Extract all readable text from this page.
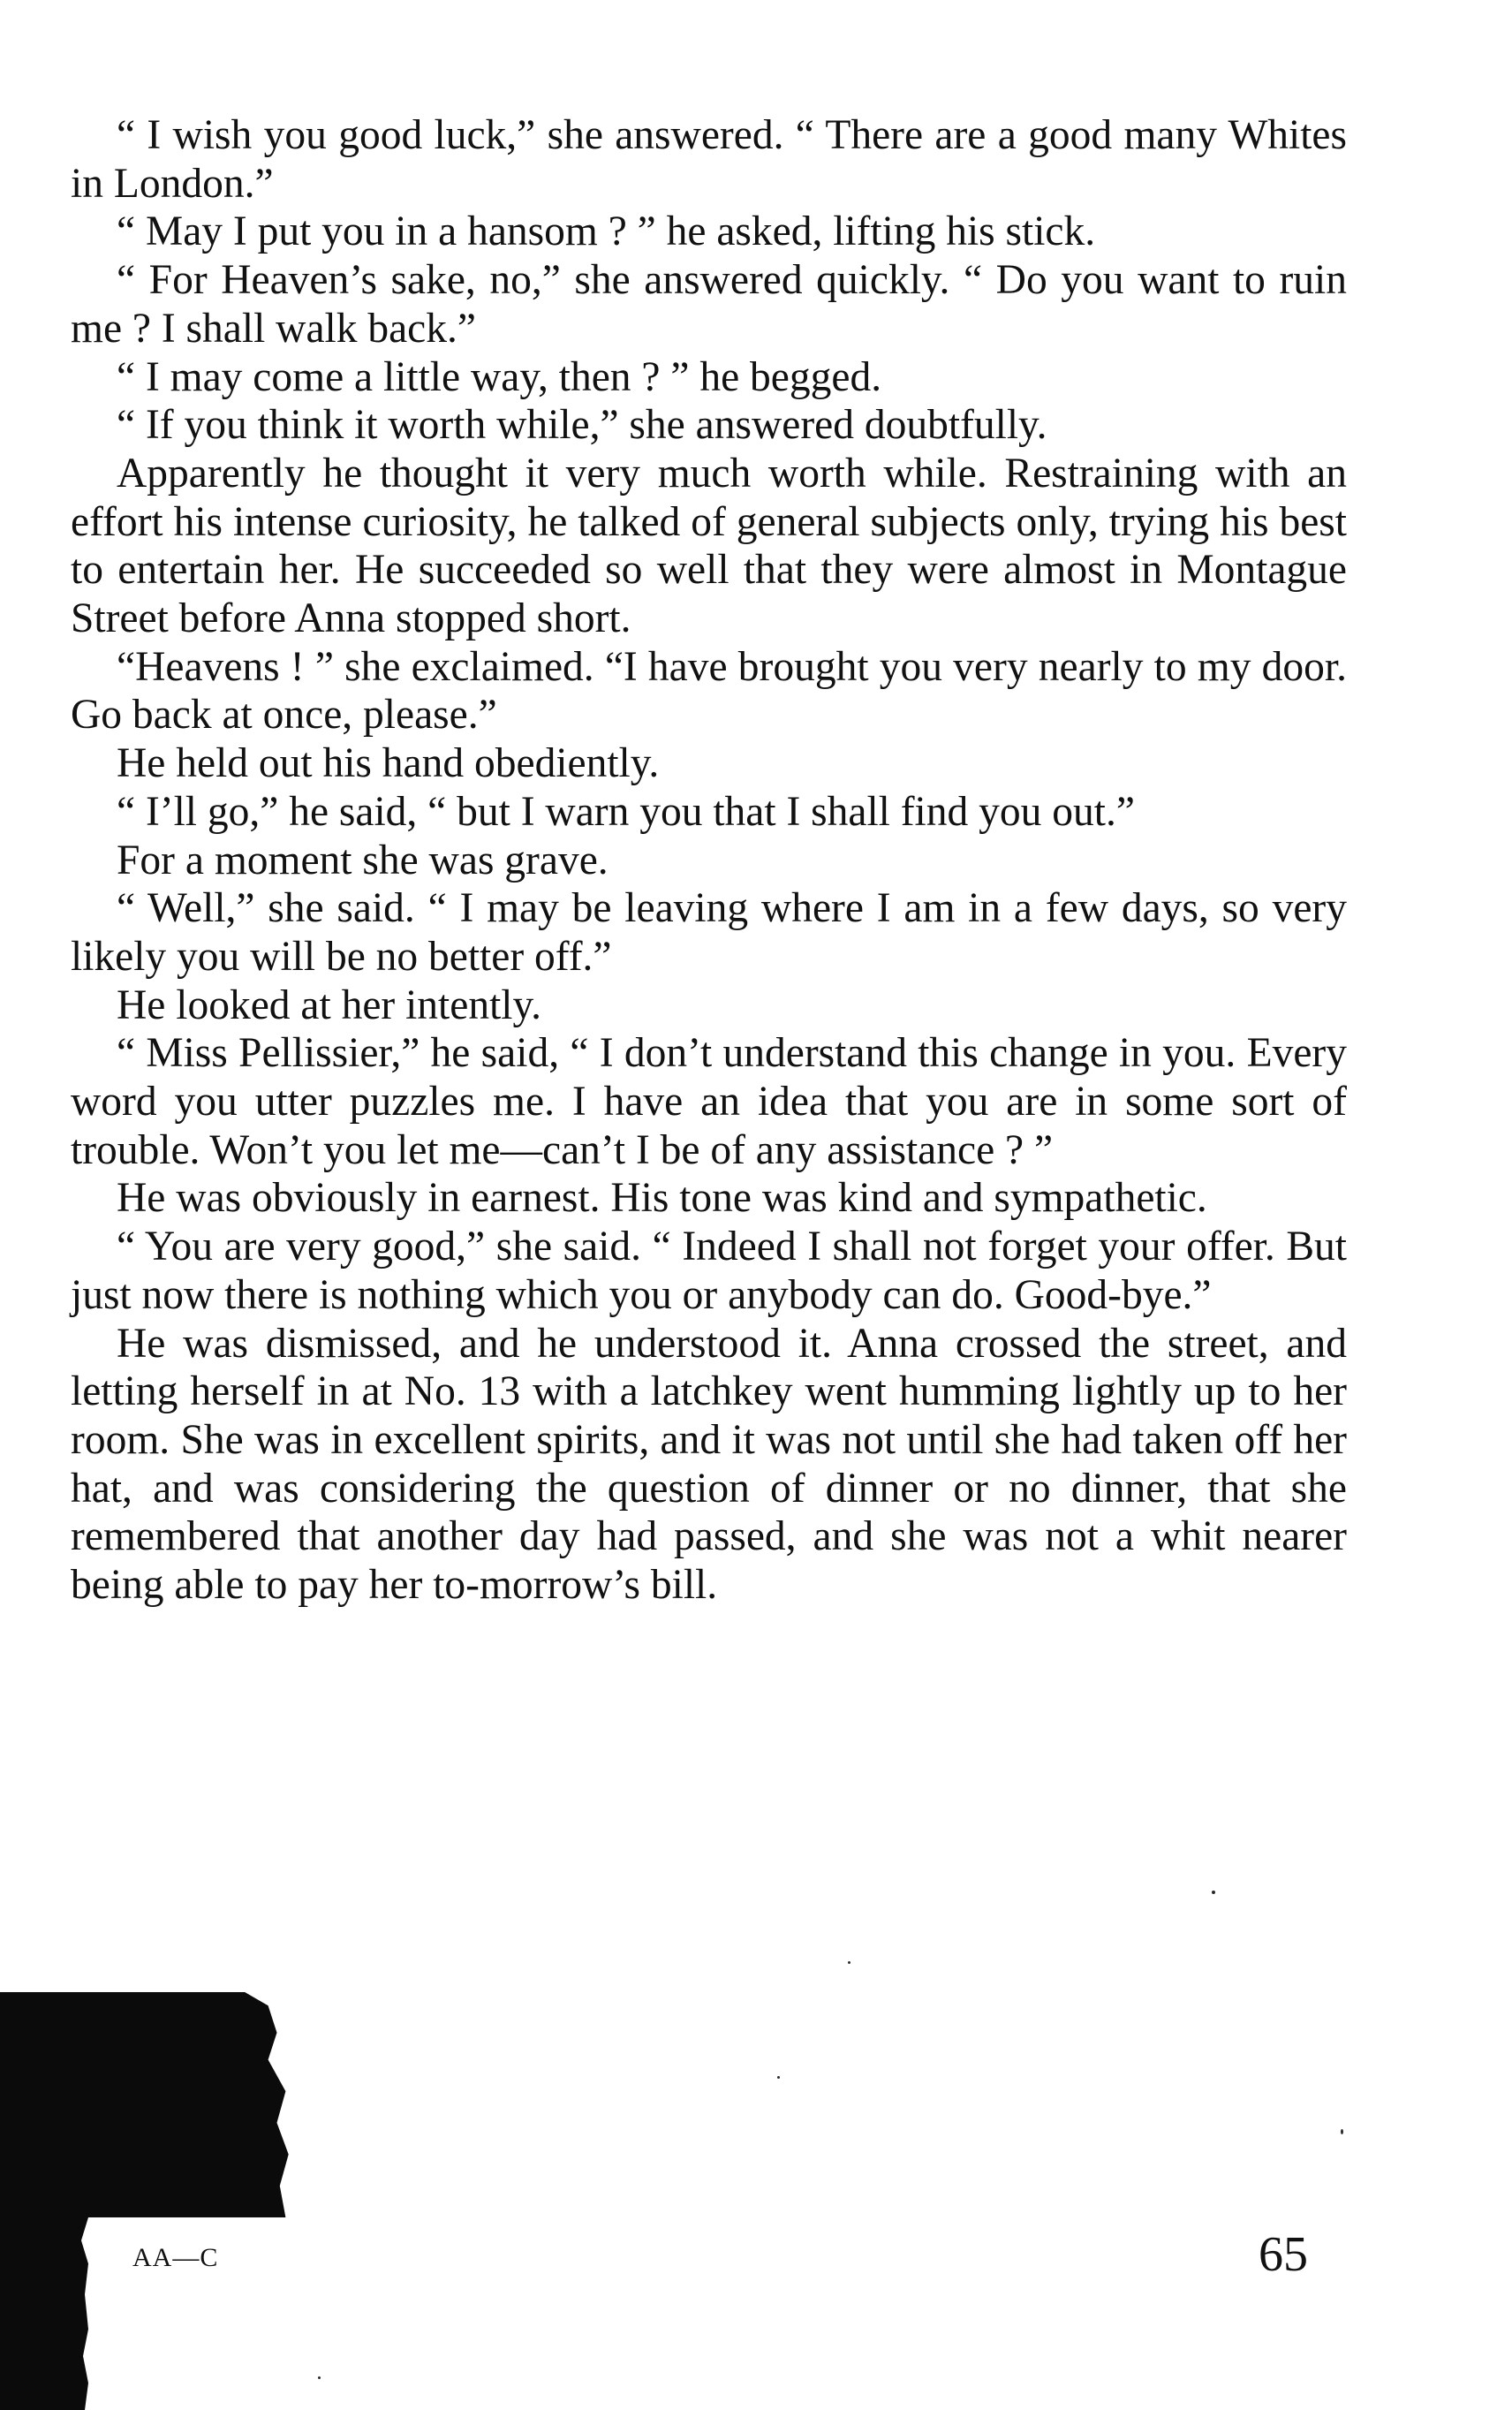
“ I wish you good luck,” she answered. “ There are a good many Whites in London.”

“ May I put you in a hansom ? ” he asked, lifting his stick.

“ For Heaven’s sake, no,” she answered quickly. “ Do you want to ruin me ? I shall walk back.”

“ I may come a little way, then ? ” he begged.

“ If you think it worth while,” she answered doubtfully.

Apparently he thought it very much worth while. Restraining with an effort his intense curiosity, he talked of general subjects only, trying his best to entertain her. He succeeded so well that they were almost in Montague Street before Anna stopped short.

“Heavens ! ” she exclaimed. “I have brought you very nearly to my door. Go back at once, please.”

He held out his hand obediently.

“ I’ll go,” he said, “ but I warn you that I shall find you out.”

For a moment she was grave.

“ Well,” she said. “ I may be leaving where I am in a few days, so very likely you will be no better off.”

He looked at her intently.

“ Miss Pellissier,” he said, “ I don’t understand this change in you. Every word you utter puzzles me. I have an idea that you are in some sort of trouble. Won’t you let me—can’t I be of any assistance ? ”

He was obviously in earnest. His tone was kind and sympathetic.

“ You are very good,” she said. “ Indeed I shall not forget your offer. But just now there is nothing which you or anybody can do. Good-bye.”

He was dismissed, and he understood it. Anna crossed the street, and letting herself in at No. 13 with a latchkey went humming lightly up to her room. She was in excellent spirits, and it was not until she had taken off her hat, and was considering the question of dinner or no dinner, that she remembered that another day had passed, and she was not a whit nearer being able to pay her to-morrow’s bill.

AA—C	65
